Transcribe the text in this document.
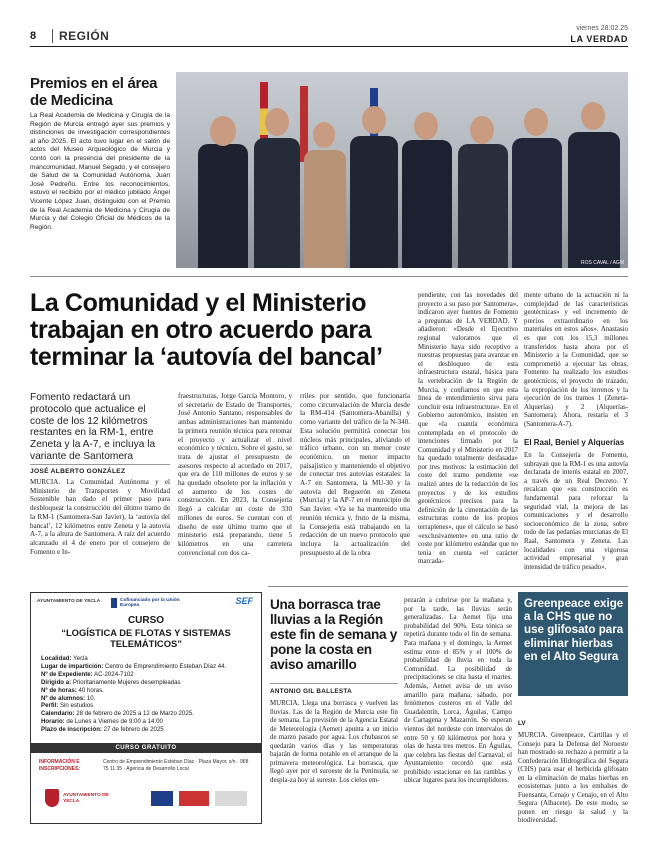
8	REGIÓN
viernes 28.02.25
LA VERDAD
Premios en el área de Medicina
La Real Academia de Medicina y Cirugía de la Región de Murcia entregó ayer sus premios y distinciones de investigación correspondientes al año 2025. El acto tuvo lugar en el salón de actos del Museo Arqueológico de Murcia y contó con la presencia del presidente de la mancomunidad, Manuel Segado, y el consejero de Salud de la Comunidad Autónoma, Juan José Pedreño. Entre los reconocimientos, estuvo el recibido por el médico jubilado Ángel Vicente López Juan, distinguido con el Premio de la Real Academia de Medicina y Cirugía de Murcia y del Colegio Oficial de Médicos de la Región.
ROS CAVAL / AGM
La Comunidad y el Ministerio trabajan en otro acuerdo para terminar la ‘autovía del bancal’
Fomento redactará un protocolo que actualice el coste de los 12 kilómetros restantes en la RM-1, entre Zeneta y la A-7, e incluya la variante de Santomera
JOSÉ ALBERTO GONZÁLEZ
MURCIA. La Comunidad Autónoma y el Ministerio de Transportes y Movilidad Sostenible han dado el primer paso para desbloquear la construcción del último tramo de la RM-1 (Santomera-San Javier), la ‘autovía del bancal’, 12 kilómetros entre Zeneta y la autovía A-7, a la altura de Santomera. A raíz del acuerdo alcanzado el 4 de enero por el consejero de Fomento e In-
fraestructuras, Jorge García Montoro, y el secretario de Estado de Transportes, José Antonio Santano, responsables de ambas administraciones han mantenido la primera reunión técnica para retomar el proyecto y actualizar el nivel económico y técnico. Sobre el gasto, se trata de ajustar el presupuesto de asesores respecto al acordado en 2017, que era de 110 millones de euros y se ha quedado obsoleto por la inflación y el aumento de los costes de construcción. En 2023, la Consejería llegó a calcular un coste de 330 millones de euros. Se cuentan con el diseño de este último tramo que el ministerio está preparando, tiene 5 kilómetros en una carretera convencional con dos ca-
rriles por sentido, que funcionaría como circunvalación de Murcia desde la RM-414 (Santomera-Abanilla) y como variante del tráfico de la N-340. Esta solución permitirá conectar los núcleos más principales, aliviando el tráfico urbano, con un menor coste económico, un menor impacto paisajístico y manteniendo el objetivo de conectar tres autovías estatales: la A-7 en Santomera, la MU-30 y la autovía del Reguerón en Zeneta (Murcia) y la AP-7 en el municipio de San Javier. «Ya se ha mantenido una reunión técnica y, fruto de la misma, la Consejería está trabajando en la redacción de un nuevo protocolo que incluya la actualización del presupuesto al de la obra
pendiente, con las novedades del proyecto a su paso por Santomera», indicaron ayer fuentes de Fomento a preguntas de LA VERDAD. Y añadieron: «Desde el Ejecutivo regional valoramos que el Ministerio haya sido receptivo a nuestras propuestas para avanzar en el desbloqueo de esta infraestructura estatal, básica para la vertebración de la Región de Murcia, y confiamos en que esta línea de entendimiento sirva para concluir esta infraestructura». En el Gobierno autonómico, insisten en que «la cuantía económica contemplada en el protocolo de intenciones firmado por la Comunidad y el Ministerio en 2017 ha quedado totalmente desfasada» por tres motivos: la estimación del coste del tramo pendiente «se realizó antes de la redacción de los proyectos y de los estudios geotécnicos precisos para la definición de la cimentación de las estructuras como de los propios terraplenes», que el cálculo se basó «exclusivamente» en una ratio de coste por kilómetro estándar que no tenía en cuenta «el carácter marcada-
mente urbano de la actuación ni la complejidad de las características geotécnicas» y «el incremento de precios extraordinario en los materiales en estos años». Anastasio es que con los 15,3 millones transferidos hasta ahora por el Ministerio a la Comunidad, que se comprometió a ejecutar las obras, Fomento ha realizado los estudios geotécnicos, el proyecto de trazado, la expropiación de los terrenos y la ejecución de los tramos 1 (Zeneta-Alquerías) y 2 (Alquerías-Santomera). Ahora, restaría el 3 (Santomera-A-7).
El Raal, Beniel y Alquerías
En la Consejería de Fomento, subrayan que la RM-1 es una autovía declarada de interés estatal en 2007, a través de un Real Decreto. Y recalcan que «su construcción es fundamental para reforzar la seguridad vial, la mejora de las comunicaciones y el desarrollo socioeconómico de la zona, sobre todo de las pedanías murcianas de El Raal, Santomera y Zeneta. Las localidades con una vigorosa actividad empresarial y gran intensidad de tráfico pesado».
AYUNTAMIENTO DE YECLA	Cofinanciado por la Unión Europea	SEF
CURSO
“LOGÍSTICA DE FLOTAS Y SISTEMAS TELEMÁTICOS”
Localidad: Yecla
Lugar de impartición: Centro de Emprendimiento Esteban Díaz 44.
Nº de Expediente: AC-2024-7102
Dirigido a: Prioritariamente Mujeres desempleadas
Nº de horas: 40 horas.
Nº de alumnos: 10.
Perfil: Sin estudios
Calendario: 28 de febrero de 2025 a 12 de Marzo 2025.
Horario: de Lunes a Viernes de 9:00 a 14:00
Plazo de inscripción: 27 de febrero de 2025
CURSO GRATUITO
INFORMACIÓN E INSCRIPCIONES:
Centro de Emprendimiento Esteban Díaz · Plaza Mayor, s/n · 968 75 11 35 · Agencia de Desarrollo Local
AYUNTAMIENTO DE YECLA
Una borrasca trae lluvias a la Región este fin de semana y pone la costa en aviso amarillo
ANTONIO GIL BALLESTA
MURCIA. Llega una borrasca y vuelven las lluvias. Las de la Región de Murcia este fin de semana. La previsión de la Agencia Estatal de Meteorología (Aemet) apunta a un inicio de marzo pasado por agua. Los chubascos se quedarán varios días y las temperaturas bajarán de forma notable en el arranque de la primavera meteorológica. La borrasca, que llegó ayer por el suroeste de la Península, se despla-za hoy al sureste. Los cielos em-
pezarán a cubrirse por la mañana y, por la tarde, las lluvias serán generalizadas. La Aemet fija una probabilidad del 90%. Esta tónica se repetirá durante todo el fin de semana. Para mañana y el domingo, la Aemet estima entre el 85% y el 100% de probabilidad de lluvia en toda la Comunidad. La posibilidad de precipitaciones se cita hasta el martes. Además, Aemet avisa de un aviso amarillo para mañana, sábado, por fenómenos costeros en el Valle del Guadalentín, Lorca, Águilas, Campo de Cartagena y Mazarrón. Se esperan vientos del nordeste con intervalos de entre 50 y 60 kilómetros por hora y olas de hasta tres metros. En Águilas, que celebra las fiestas del Carnaval, el Ayuntamiento recordó que está prohibido estacionar en las ramblas y ubicar lugares para los incumplidores.
Greenpeace exige a la CHS que no use glifosato para eliminar hierbas en el Alto Segura
LV
MURCIA. Greenpeace, Cartillas y el Consejo para la Defensa del Noroeste han mostrado su rechazo a permitir a la Confederación Hidrográfica del Segura (CHS) para usar el herbicida glifosato en la eliminación de malas hierbas en ecosistemas junto a los embalses de Fuensanta, Cenajo y Cenajo, en el Alto Segura (Albacete). De este modo, se ponen en riesgo la salud y la biodiversidad.
